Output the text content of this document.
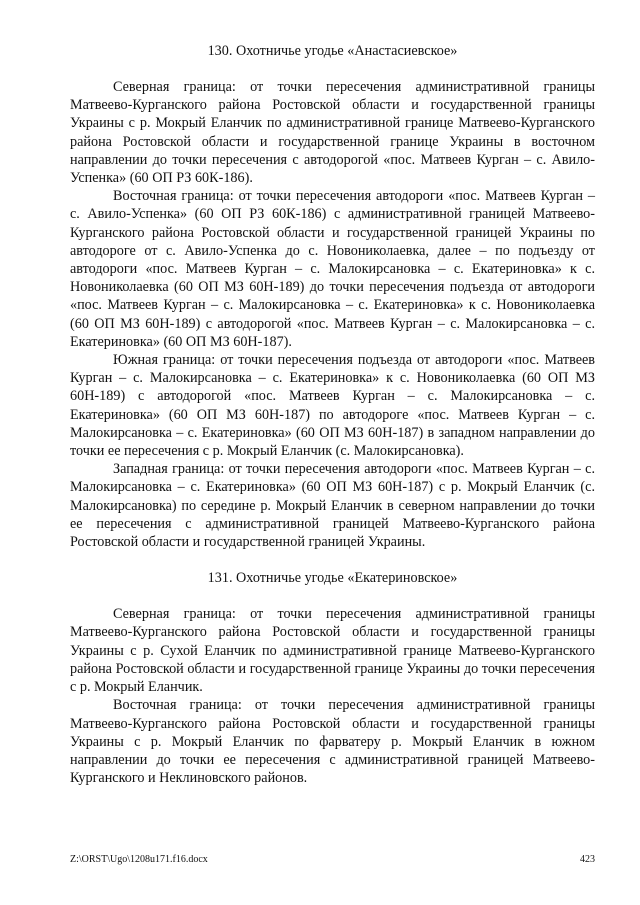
130. Охотничье угодье «Анастасиевское»

Северная граница: от точки пересечения административной границы Матвеево-Курганского района Ростовской области и государственной границы Украины с р. Мокрый Еланчик по административной границе Матвеево-Курганского района Ростовской области и государственной границе Украины в восточном направлении до точки пересечения с автодорогой «пос. Матвеев Курган – с. Авило-Успенка» (60 ОП РЗ 60К-186).

Восточная граница: от точки пересечения автодороги «пос. Матвеев Курган – с. Авило-Успенка» (60 ОП РЗ 60К-186) с административной границей Матвеево-Курганского района Ростовской области и государственной границей Украины по автодороге от с. Авило-Успенка до с. Новониколаевка, далее – по подъезду от автодороги «пос. Матвеев Курган – с. Малокирсановка – с. Екатериновка» к с. Новониколаевка (60 ОП МЗ 60Н-189) до точки пересечения подъезда от автодороги «пос. Матвеев Курган – с. Малокирсановка – с. Екатериновка» к с. Новониколаевка (60 ОП МЗ 60Н-189) с автодорогой «пос. Матвеев Курган – с. Малокирсановка – с. Екатериновка» (60 ОП МЗ 60Н-187).

Южная граница: от точки пересечения подъезда от автодороги «пос. Матвеев Курган – с. Малокирсановка – с. Екатериновка» к с. Новониколаевка (60 ОП МЗ 60Н-189) с автодорогой «пос. Матвеев Курган – с. Малокирсановка – с. Екатериновка» (60 ОП МЗ 60Н-187) по автодороге «пос. Матвеев Курган – с. Малокирсановка – с. Екатериновка» (60 ОП МЗ 60Н-187) в западном направлении до точки ее пересечения с р. Мокрый Еланчик (с. Малокирсановка).

Западная граница: от точки пересечения автодороги «пос. Матвеев Курган – с. Малокирсановка – с. Екатериновка» (60 ОП МЗ 60Н-187) с р. Мокрый Еланчик (с. Малокирсановка) по середине р. Мокрый Еланчик в северном направлении до точки ее пересечения с административной границей Матвеево-Курганского района Ростовской области и государственной границей Украины.

131. Охотничье угодье «Екатериновское»

Северная граница: от точки пересечения административной границы Матвеево-Курганского района Ростовской области и государственной границы Украины с р. Сухой Еланчик по административной границе Матвеево-Курганского района Ростовской области и государственной границе Украины до точки пересечения с р. Мокрый Еланчик.

Восточная граница: от точки пересечения административной границы Матвеево-Курганского района Ростовской области и государственной границы Украины с р. Мокрый Еланчик по фарватеру р. Мокрый Еланчик в южном направлении до точки ее пересечения с административной границей Матвеево-Курганского и Неклиновского районов.

Z:\ORST\Ugo\1208u171.f16.docx	423
